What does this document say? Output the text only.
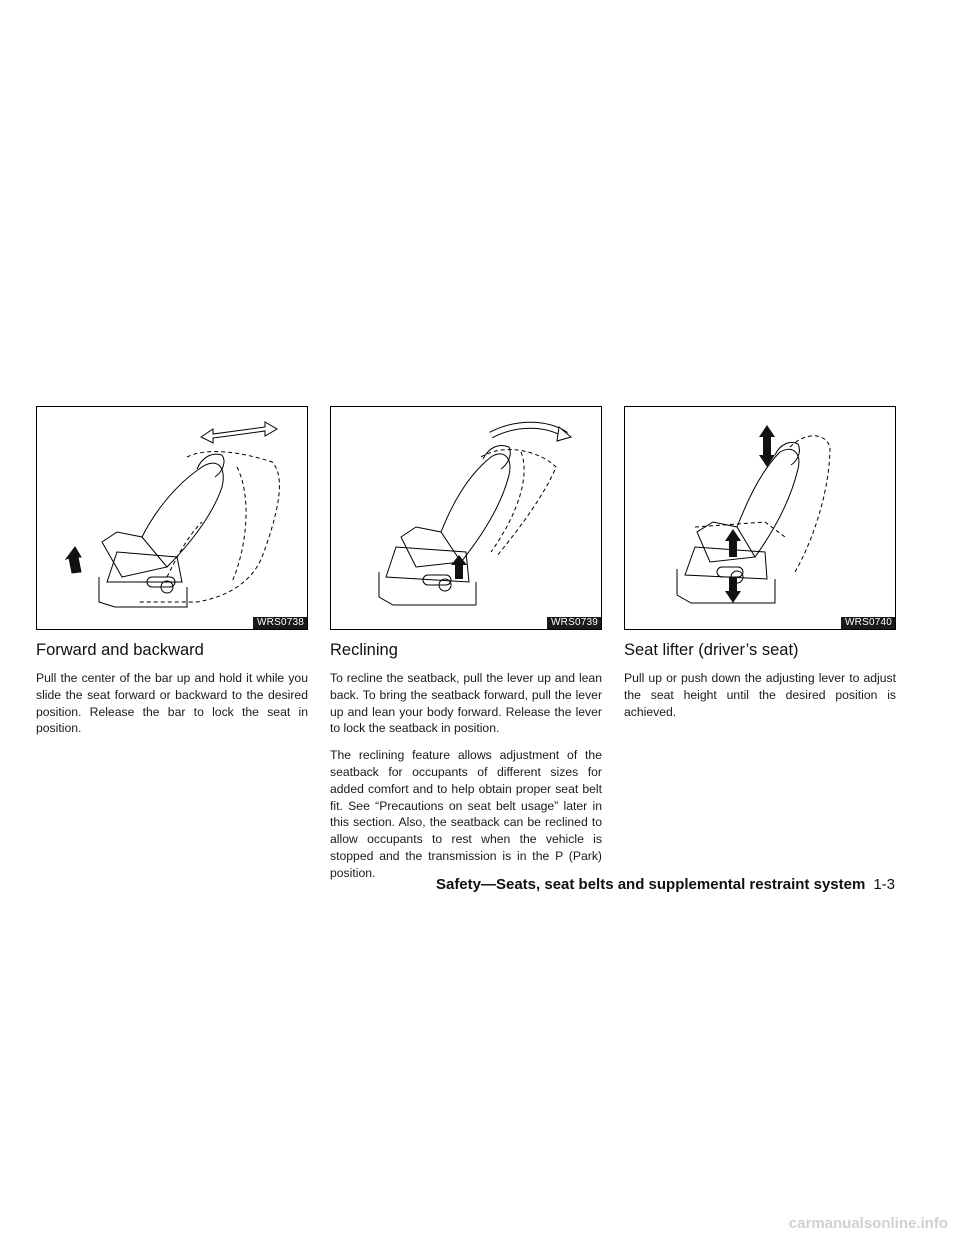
WRS0738
Forward and backward

Pull the center of the bar up and hold it while you slide the seat forward or backward to the desired position. Release the bar to lock the seat in position.

WRS0739
Reclining

To recline the seatback, pull the lever up and lean back. To bring the seatback forward, pull the lever up and lean your body forward. Release the lever to lock the seatback in position.

The reclining feature allows adjustment of the seatback for occupants of different sizes for added comfort and to help obtain proper seat belt fit. See “Precautions on seat belt usage” later in this section. Also, the seatback can be reclined to allow occupants to rest when the vehicle is stopped and the transmission is in the P (Park) position.

WRS0740
Seat lifter (driver’s seat)

Pull up or push down the adjusting lever to adjust the seat height until the desired position is achieved.

Safety—Seats, seat belts and supplemental restraint system 1-3
carmanualsonline.info
